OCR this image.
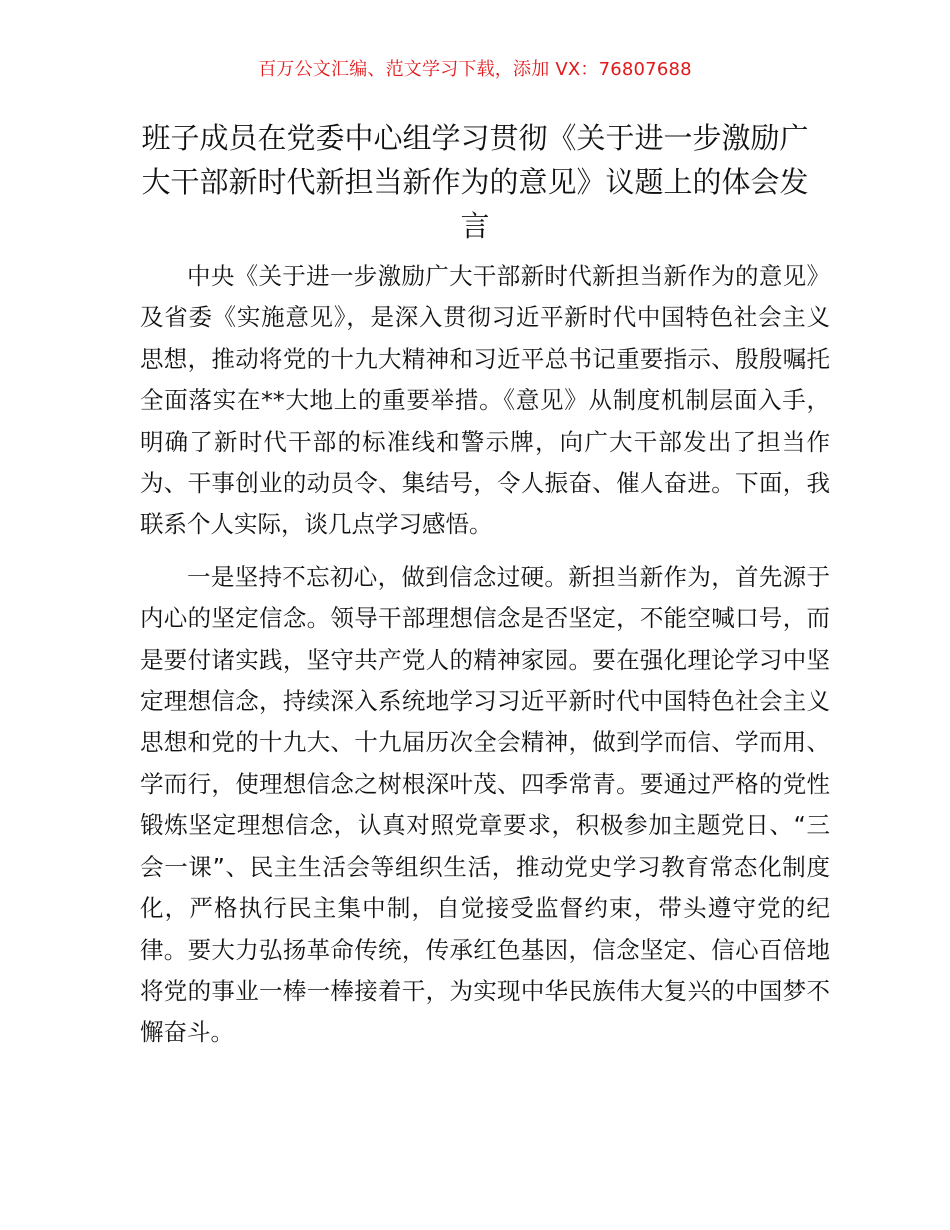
百万公文汇编、范文学习下载，添加 VX：76807688
班子成员在党委中心组学习贯彻《关于进一步激励广大干部新时代新担当新作为的意见》议题上的体会发言

中央《关于进一步激励广大干部新时代新担当新作为的意见》及省委《实施意见》，是深入贯彻习近平新时代中国特色社会主义思想，推动将党的十九大精神和习近平总书记重要指示、殷殷嘱托全面落实在**大地上的重要举措。《意见》从制度机制层面入手，明确了新时代干部的标准线和警示牌，向广大干部发出了担当作为、干事创业的动员令、集结号，令人振奋、催人奋进。下面，我联系个人实际，谈几点学习感悟。

一是坚持不忘初心，做到信念过硬。新担当新作为，首先源于内心的坚定信念。领导干部理想信念是否坚定，不能空喊口号，而是要付诸实践，坚守共产党人的精神家园。要在强化理论学习中坚定理想信念，持续深入系统地学习习近平新时代中国特色社会主义思想和党的十九大、十九届历次全会精神，做到学而信、学而用、学而行，使理想信念之树根深叶茂、四季常青。要通过严格的党性锻炼坚定理想信念，认真对照党章要求，积极参加主题党日、“三会一课”、民主生活会等组织生活，推动党史学习教育常态化制度化，严格执行民主集中制，自觉接受监督约束，带头遵守党的纪律。要大力弘扬革命传统，传承红色基因，信念坚定、信心百倍地将党的事业一棒一棒接着干，为实现中华民族伟大复兴的中国梦不懈奋斗。
